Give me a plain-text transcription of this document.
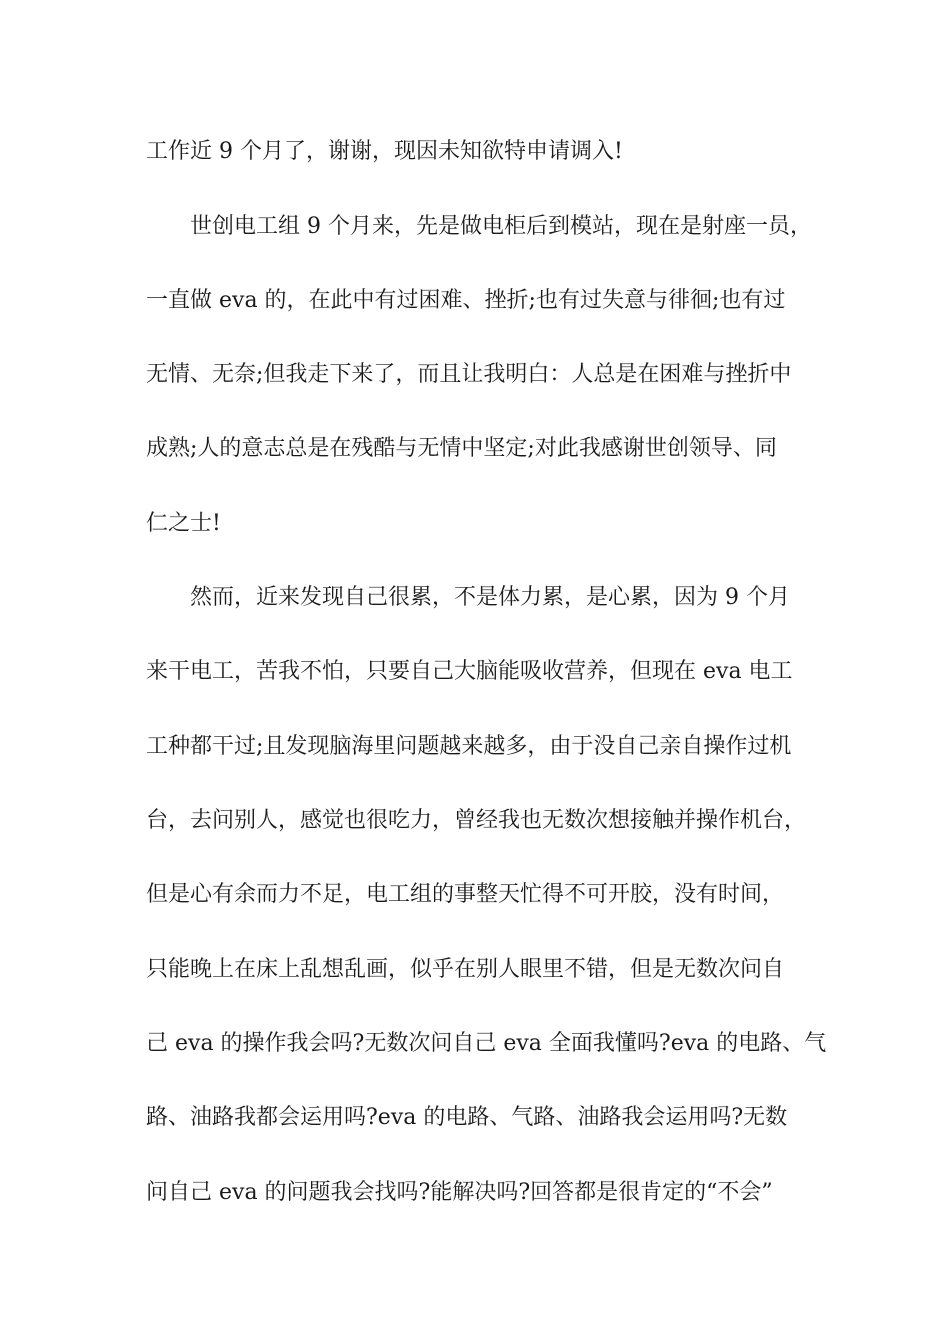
工作近 9 个月了，谢谢，现因未知欲特申请调入!
世创电工组 9 个月来，先是做电柜后到模站，现在是射座一员，
一直做 eva 的，在此中有过困难、挫折;也有过失意与徘徊;也有过
无情、无奈;但我走下来了，而且让我明白：人总是在困难与挫折中
成熟;人的意志总是在残酷与无情中坚定;对此我感谢世创领导、同
仁之士!
然而，近来发现自己很累，不是体力累，是心累，因为 9 个月
来干电工，苦我不怕，只要自己大脑能吸收营养，但现在 eva 电工
工种都干过;且发现脑海里问题越来越多，由于没自己亲自操作过机
台，去问别人，感觉也很吃力，曾经我也无数次想接触并操作机台，
但是心有余而力不足，电工组的事整天忙得不可开胶，没有时间，
只能晚上在床上乱想乱画，似乎在别人眼里不错，但是无数次问自
己 eva 的操作我会吗?无数次问自己 eva 全面我懂吗?eva 的电路、气
路、油路我都会运用吗?eva 的电路、气路、油路我会运用吗?无数
问自己 eva 的问题我会找吗?能解决吗?回答都是很肯定的“不会”
